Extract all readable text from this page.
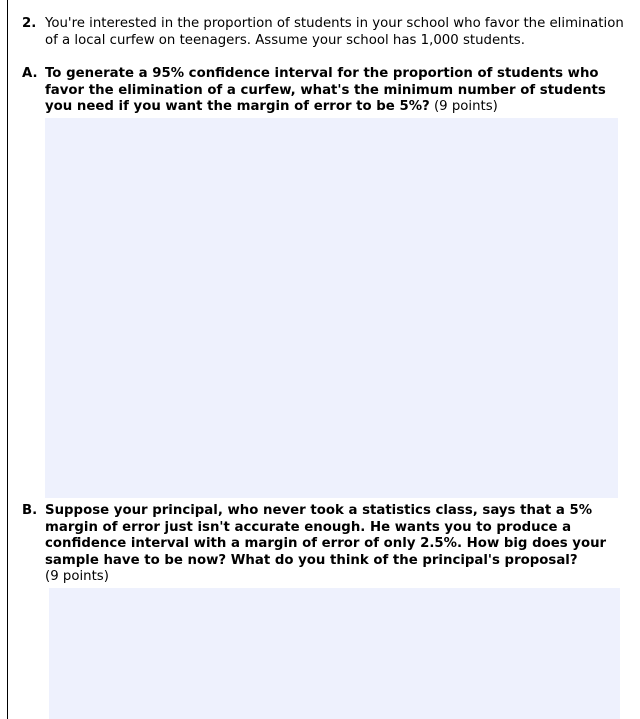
2. You're interested in the proportion of students in your school who favor the elimination of a local curfew on teenagers. Assume your school has 1,000 students.
A. To generate a 95% confidence interval for the proportion of students who favor the elimination of a curfew, what's the minimum number of students you need if you want the margin of error to be 5%? (9 points)
B. Suppose your principal, who never took a statistics class, says that a 5% margin of error just isn't accurate enough. He wants you to produce a confidence interval with a margin of error of only 2.5%. How big does your sample have to be now? What do you think of the principal's proposal?
(9 points)
